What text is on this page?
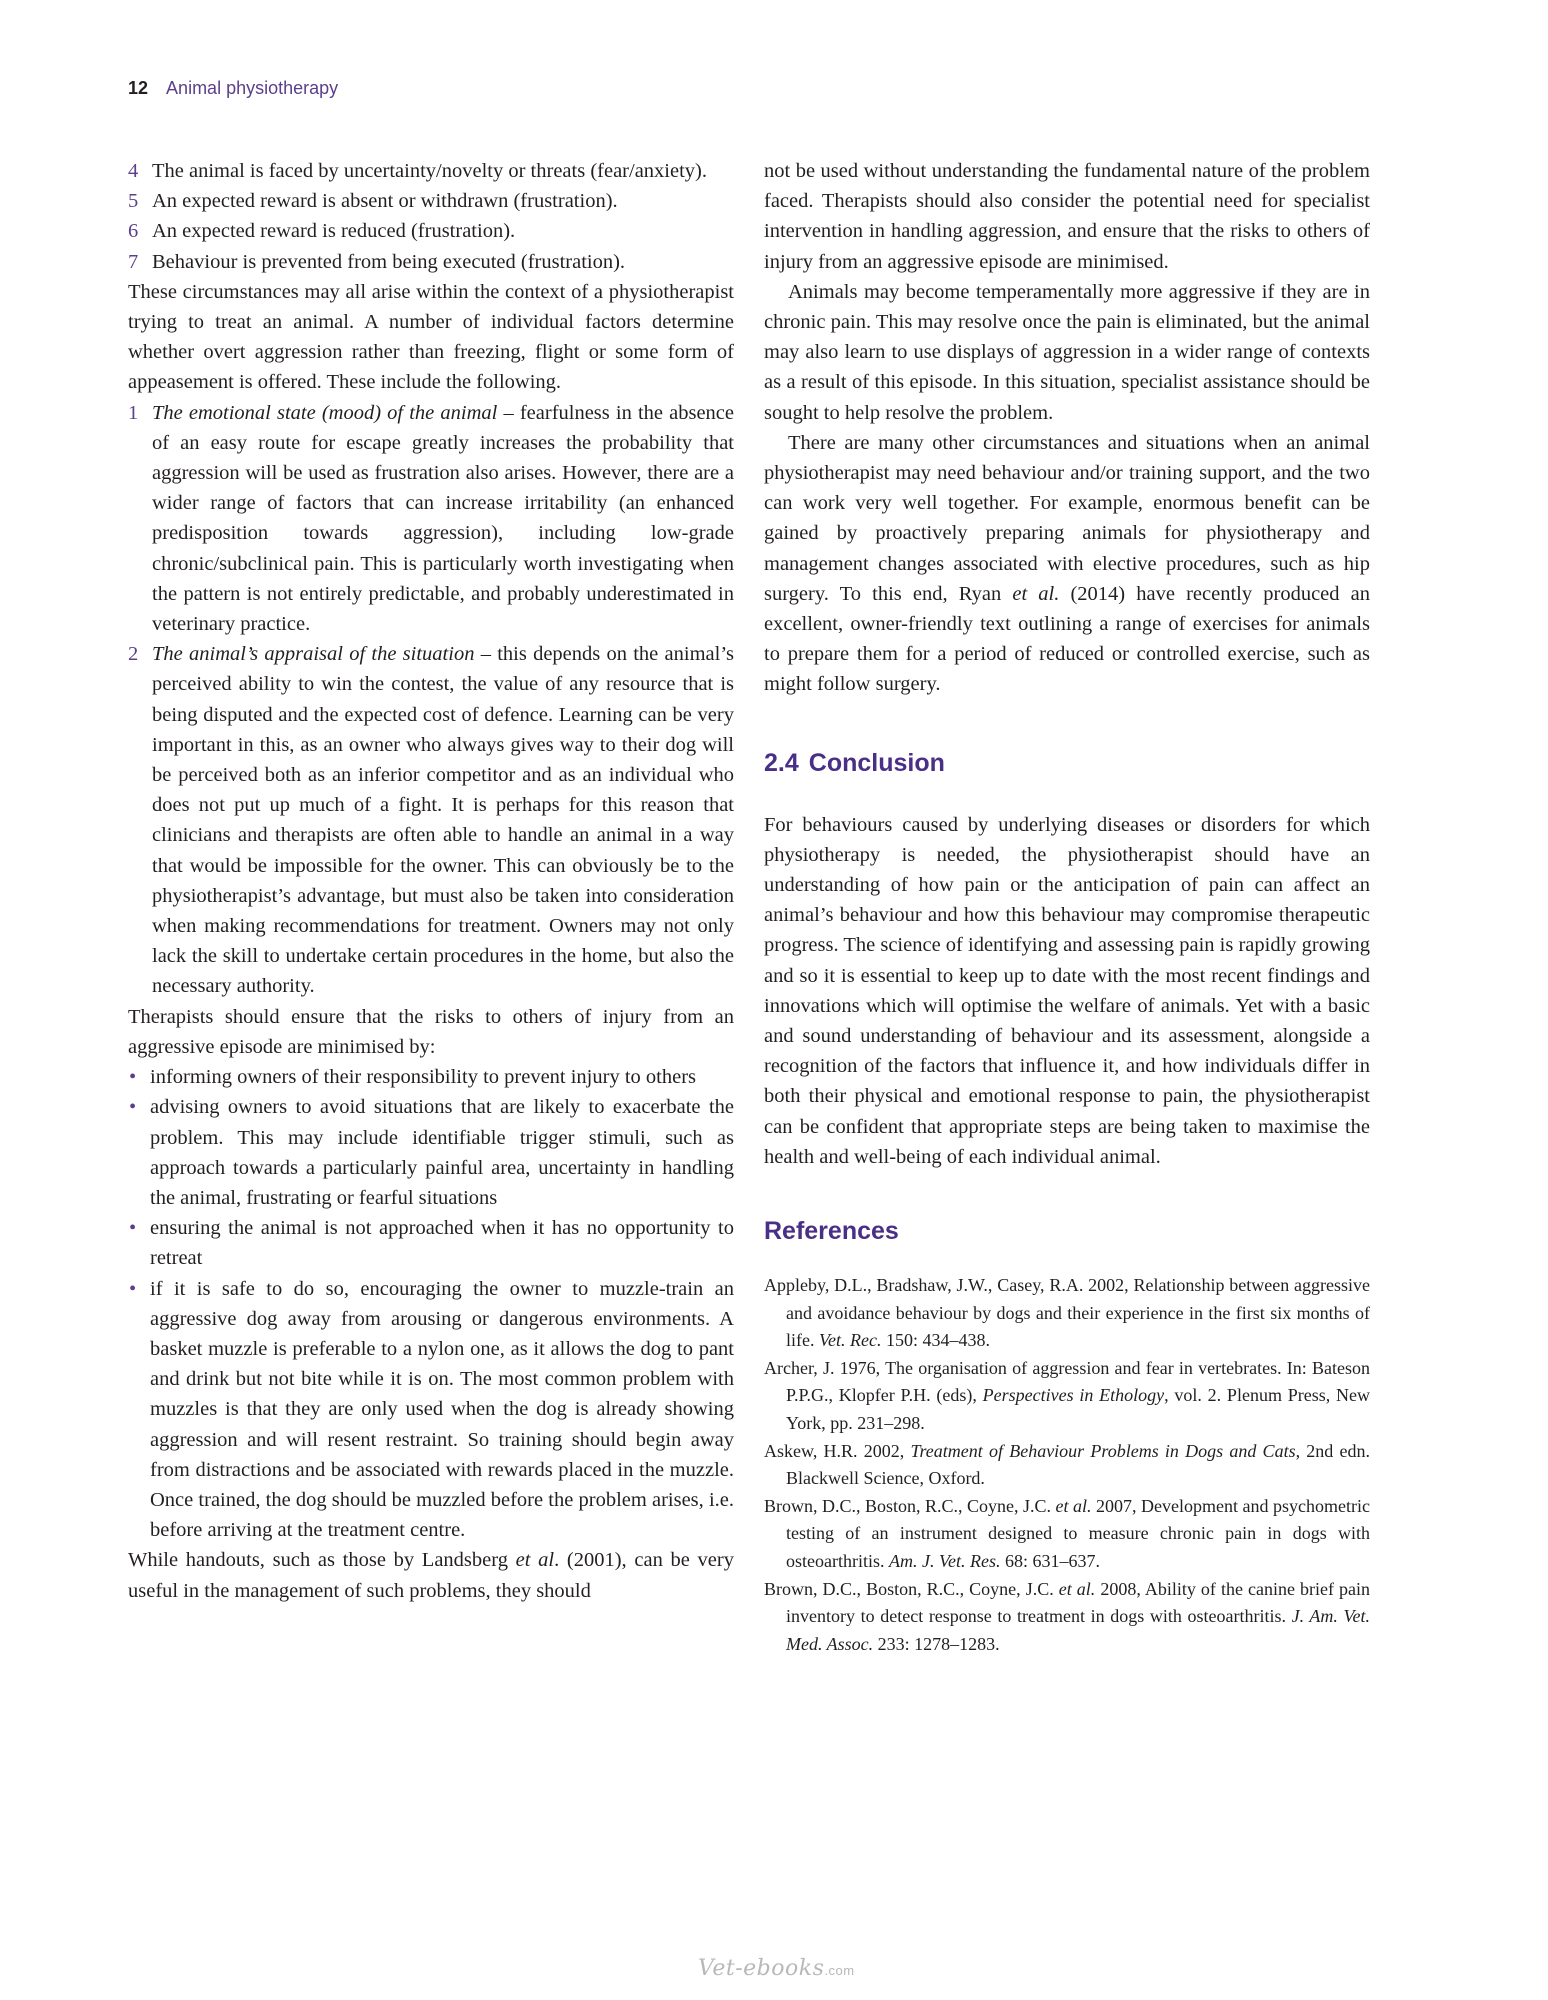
12 Animal physiotherapy
4 The animal is faced by uncertainty/novelty or threats (fear/anxiety).
5 An expected reward is absent or withdrawn (frustration).
6 An expected reward is reduced (frustration).
7 Behaviour is prevented from being executed (frustration).

These circumstances may all arise within the context of a physiotherapist trying to treat an animal. A number of individual factors determine whether overt aggression rather than freezing, flight or some form of appeasement is offered. These include the following.

1 The emotional state (mood) of the animal – fearfulness in the absence of an easy route for escape greatly increases the probability that aggression will be used as frustration also arises. However, there are a wider range of factors that can increase irritability (an enhanced predisposition towards aggression), including low-grade chronic/subclinical pain. This is particularly worth investigating when the pattern is not entirely predictable, and probably underestimated in veterinary practice.
2 The animal’s appraisal of the situation – this depends on the animal’s perceived ability to win the contest, the value of any resource that is being disputed and the expected cost of defence. Learning can be very important in this, as an owner who always gives way to their dog will be perceived both as an inferior competitor and as an individual who does not put up much of a fight. It is perhaps for this reason that clinicians and therapists are often able to handle an animal in a way that would be impossible for the owner. This can obviously be to the physiotherapist’s advantage, but must also be taken into consideration when making recommendations for treatment. Owners may not only lack the skill to undertake certain procedures in the home, but also the necessary authority.

Therapists should ensure that the risks to others of injury from an aggressive episode are minimised by:

• informing owners of their responsibility to prevent injury to others
• advising owners to avoid situations that are likely to exacerbate the problem. This may include identifiable trigger stimuli, such as approach towards a particularly painful area, uncertainty in handling the animal, frustrating or fearful situations
• ensuring the animal is not approached when it has no opportunity to retreat
• if it is safe to do so, encouraging the owner to muzzle-train an aggressive dog away from arousing or dangerous environments. A basket muzzle is preferable to a nylon one, as it allows the dog to pant and drink but not bite while it is on. The most common problem with muzzles is that they are only used when the dog is already showing aggression and will resent restraint. So training should begin away from distractions and be associated with rewards placed in the muzzle. Once trained, the dog should be muzzled before the problem arises, i.e. before arriving at the treatment centre.

While handouts, such as those by Landsberg et al. (2001), can be very useful in the management of such problems, they should

not be used without understanding the fundamental nature of the problem faced. Therapists should also consider the potential need for specialist intervention in handling aggression, and ensure that the risks to others of injury from an aggressive episode are minimised.

Animals may become temperamentally more aggressive if they are in chronic pain. This may resolve once the pain is eliminated, but the animal may also learn to use displays of aggression in a wider range of contexts as a result of this episode. In this situation, specialist assistance should be sought to help resolve the problem.

There are many other circumstances and situations when an animal physiotherapist may need behaviour and/or training support, and the two can work very well together. For example, enormous benefit can be gained by proactively preparing animals for physiotherapy and management changes associated with elective procedures, such as hip surgery. To this end, Ryan et al. (2014) have recently produced an excellent, owner-friendly text outlining a range of exercises for animals to prepare them for a period of reduced or controlled exercise, such as might follow surgery.

2.4 Conclusion

For behaviours caused by underlying diseases or disorders for which physiotherapy is needed, the physiotherapist should have an understanding of how pain or the anticipation of pain can affect an animal’s behaviour and how this behaviour may compromise therapeutic progress. The science of identifying and assessing pain is rapidly growing and so it is essential to keep up to date with the most recent findings and innovations which will optimise the welfare of animals. Yet with a basic and sound understanding of behaviour and its assessment, alongside a recognition of the factors that influence it, and how individuals differ in both their physical and emotional response to pain, the physiotherapist can be confident that appropriate steps are being taken to maximise the health and well-being of each individual animal.

References

Appleby, D.L., Bradshaw, J.W., Casey, R.A. 2002, Relationship between aggressive and avoidance behaviour by dogs and their experience in the first six months of life. Vet. Rec. 150: 434–438.

Archer, J. 1976, The organisation of aggression and fear in vertebrates. In: Bateson P.P.G., Klopfer P.H. (eds), Perspectives in Ethology, vol. 2. Plenum Press, New York, pp. 231–298.

Askew, H.R. 2002, Treatment of Behaviour Problems in Dogs and Cats, 2nd edn. Blackwell Science, Oxford.

Brown, D.C., Boston, R.C., Coyne, J.C. et al. 2007, Development and psychometric testing of an instrument designed to measure chronic pain in dogs with osteoarthritis. Am. J. Vet. Res. 68: 631–637.

Brown, D.C., Boston, R.C., Coyne, J.C. et al. 2008, Ability of the canine brief pain inventory to detect response to treatment in dogs with osteoarthritis. J. Am. Vet. Med. Assoc. 233: 1278–1283.

Vet-ebooks.com
